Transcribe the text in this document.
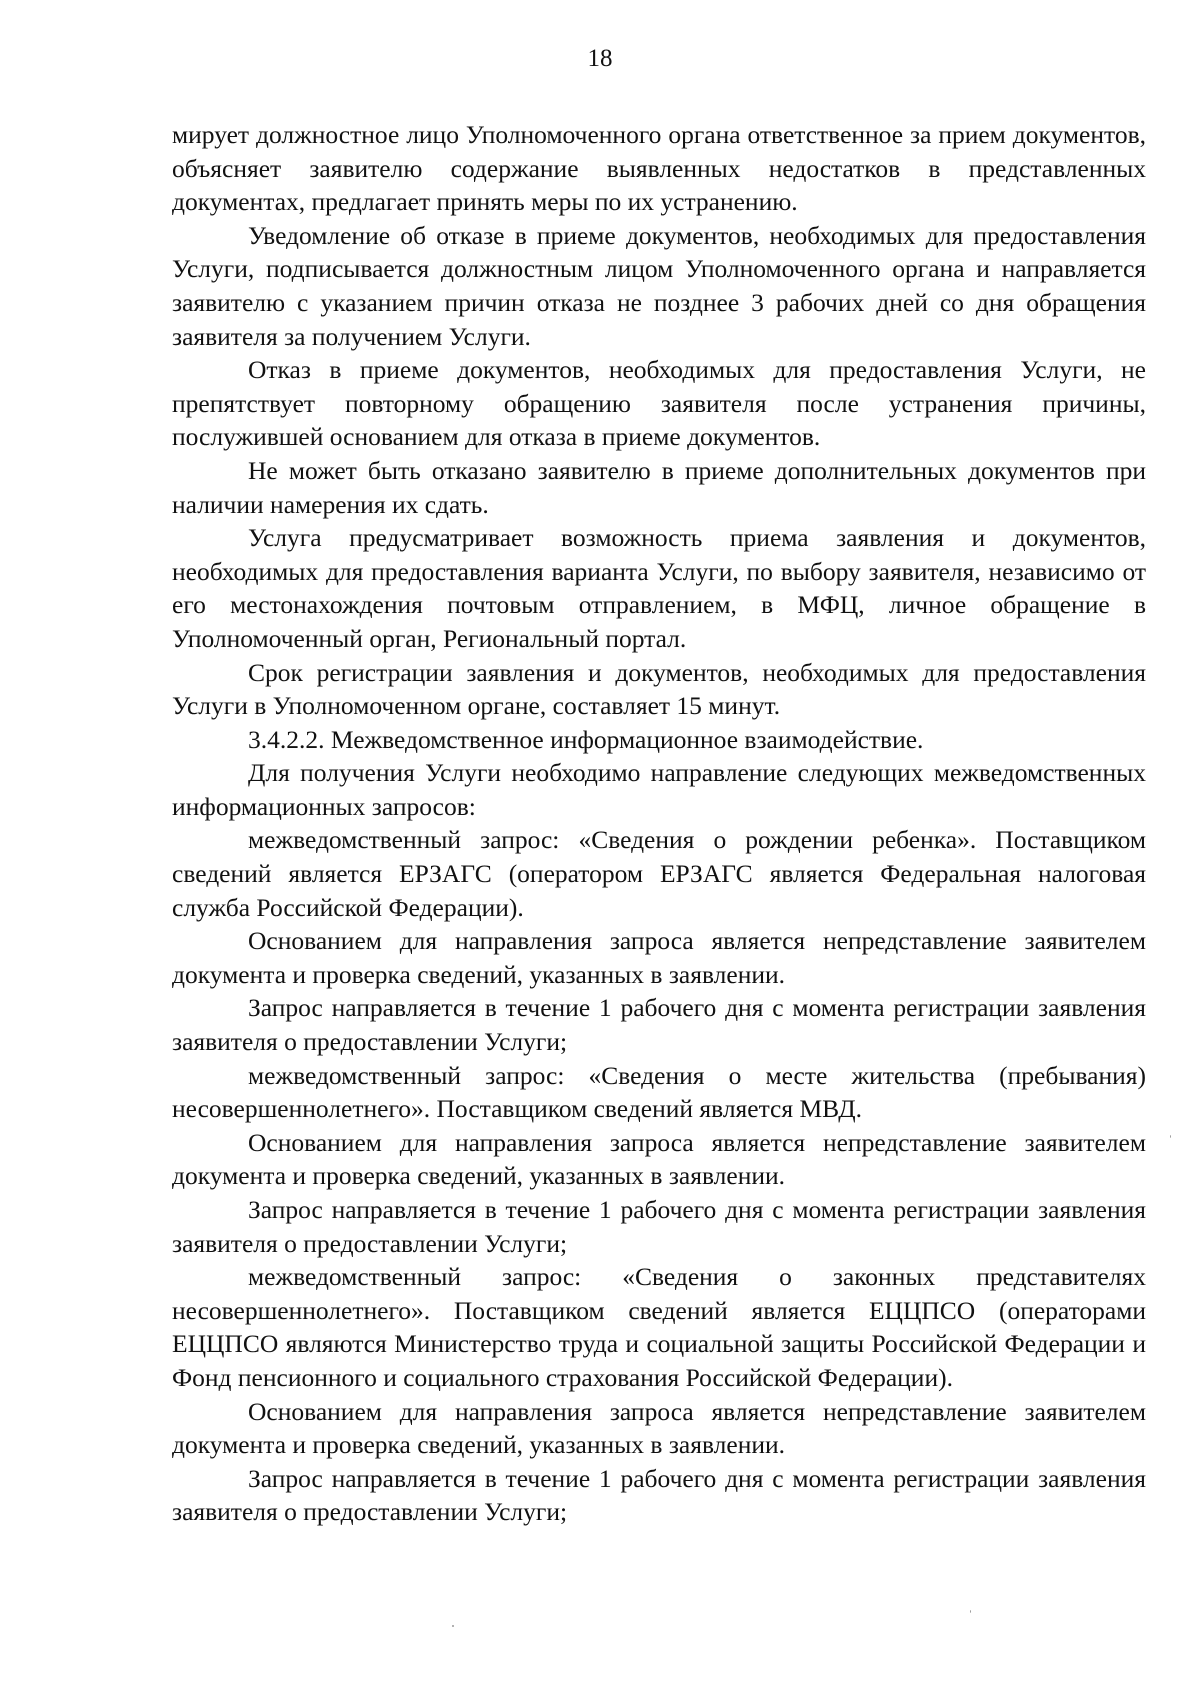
18

мирует должностное лицо Уполномоченного органа ответственное за прием документов, объясняет заявителю содержание выявленных недостатков в представленных документах, предлагает принять меры по их устранению.

Уведомление об отказе в приеме документов, необходимых для предоставления Услуги, подписывается должностным лицом Уполномоченного органа и направляется заявителю с указанием причин отказа не позднее 3 рабочих дней со дня обращения заявителя за получением Услуги.

Отказ в приеме документов, необходимых для предоставления Услуги, не препятствует повторному обращению заявителя после устранения причины, послужившей основанием для отказа в приеме документов.

Не может быть отказано заявителю в приеме дополнительных документов при наличии намерения их сдать.

Услуга предусматривает возможность приема заявления и документов, необходимых для предоставления варианта Услуги, по выбору заявителя, независимо от его местонахождения почтовым отправлением, в МФЦ, личное обращение в Уполномоченный орган, Региональный портал.

Срок регистрации заявления и документов, необходимых для предоставления Услуги в Уполномоченном органе, составляет 15 минут.

3.4.2.2. Межведомственное информационное взаимодействие.

Для получения Услуги необходимо направление следующих межведомственных информационных запросов:

межведомственный запрос: «Сведения о рождении ребенка». Поставщиком сведений является ЕРЗАГС (оператором ЕРЗАГС является Федеральная налоговая служба Российской Федерации).

Основанием для направления запроса является непредставление заявителем документа и проверка сведений, указанных в заявлении.

Запрос направляется в течение 1 рабочего дня с момента регистрации заявления заявителя о предоставлении Услуги;

межведомственный запрос: «Сведения о месте жительства (пребывания) несовершеннолетнего». Поставщиком сведений является МВД.

Основанием для направления запроса является непредставление заявителем документа и проверка сведений, указанных в заявлении.

Запрос направляется в течение 1 рабочего дня с момента регистрации заявления заявителя о предоставлении Услуги;

межведомственный запрос: «Сведения о законных представителях несовершеннолетнего». Поставщиком сведений является ЕЦЦПСО (операторами ЕЦЦПСО являются Министерство труда и социальной защиты Российской Федерации и Фонд пенсионного и социального страхования Российской Федерации).

Основанием для направления запроса является непредставление заявителем документа и проверка сведений, указанных в заявлении.

Запрос направляется в течение 1 рабочего дня с момента регистрации заявления заявителя о предоставлении Услуги;
